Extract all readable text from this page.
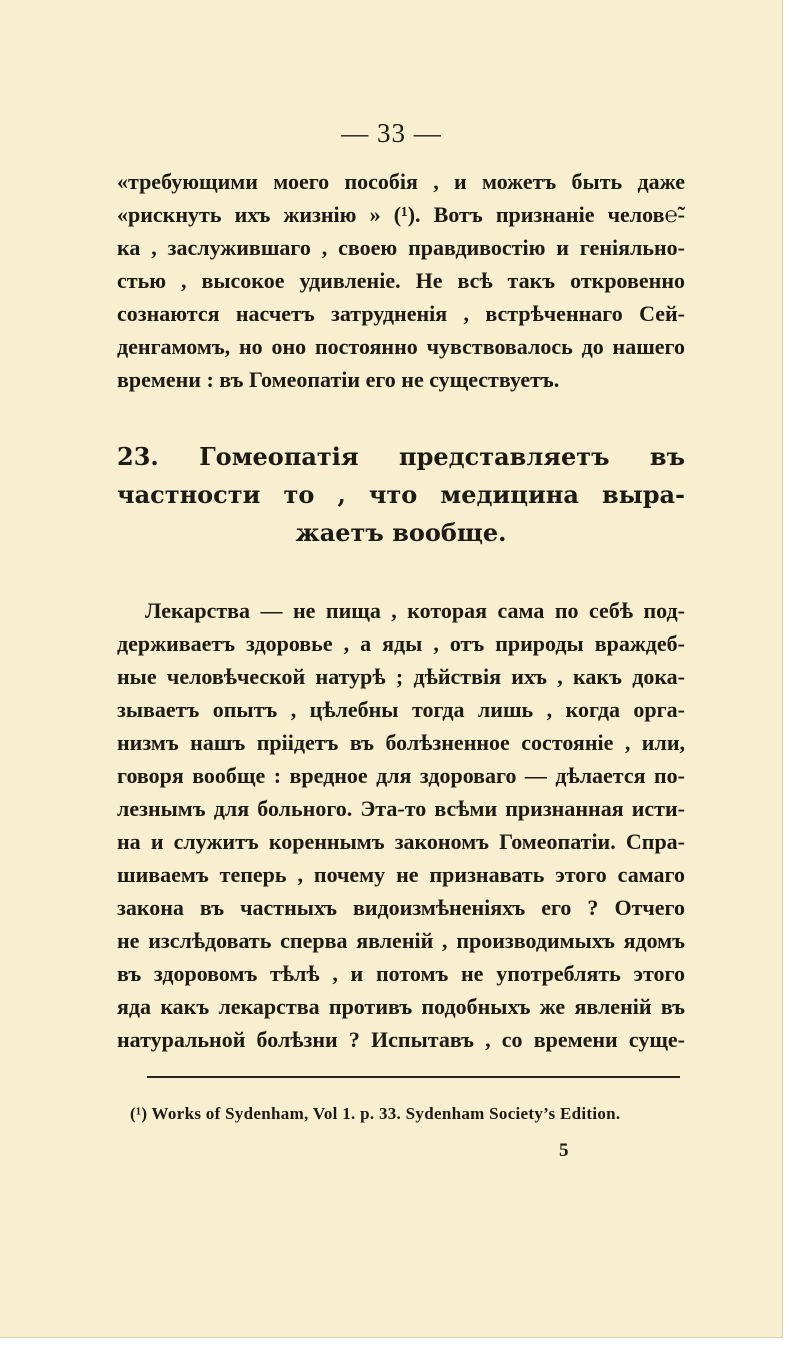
— 33 —
«требующими моего пособія , и можетъ быть даже
«рискнуть ихъ жизнію » (¹). Вотъ признаніе челов℮̃-
ка , заслужившаго , своею правдивостію и геніяльно-
стью , высокое удивленіе. Не всѣ такъ откровенно
сознаются насчетъ затрудненія , встрѣченнаго Сей-
денгамомъ, но оно постоянно чувствовалось до нашего
времени : въ Гомеопатіи его не существуетъ.
23. Гомеопатія представляетъ въ
частности то , что медицина выра-
жаетъ вообще.
Лекарства — не пища , которая сама по себѣ под-
держиваетъ здоровье , а яды , отъ природы враждеб-
ные человѣческой натурѣ ; дѣйствія ихъ , какъ дока-
зываетъ опытъ , цѣлебны тогда лишь , когда орга-
низмъ нашъ пріідетъ въ болѣзненное состояніе , или,
говоря вообще : вредное для здороваго — дѣлается по-
лезнымъ для больного. Эта-то всѣми признанная исти-
на и служитъ кореннымъ закономъ Гомеопатіи. Спра-
шиваемъ теперь , почему не признавать этого самаго
закона въ частныхъ видоизмѣненіяхъ его ? Отчего
не изслѣдовать сперва явленій , производимыхъ ядомъ
въ здоровомъ тѣлѣ , и потомъ не употреблять этого
яда какъ лекарства противъ подобныхъ же явленій въ
натуральной болѣзни ? Испытавъ , со времени суще-
(¹) Works of Sydenham, Vol 1. p. 33. Sydenham Society’s Edition.
5
